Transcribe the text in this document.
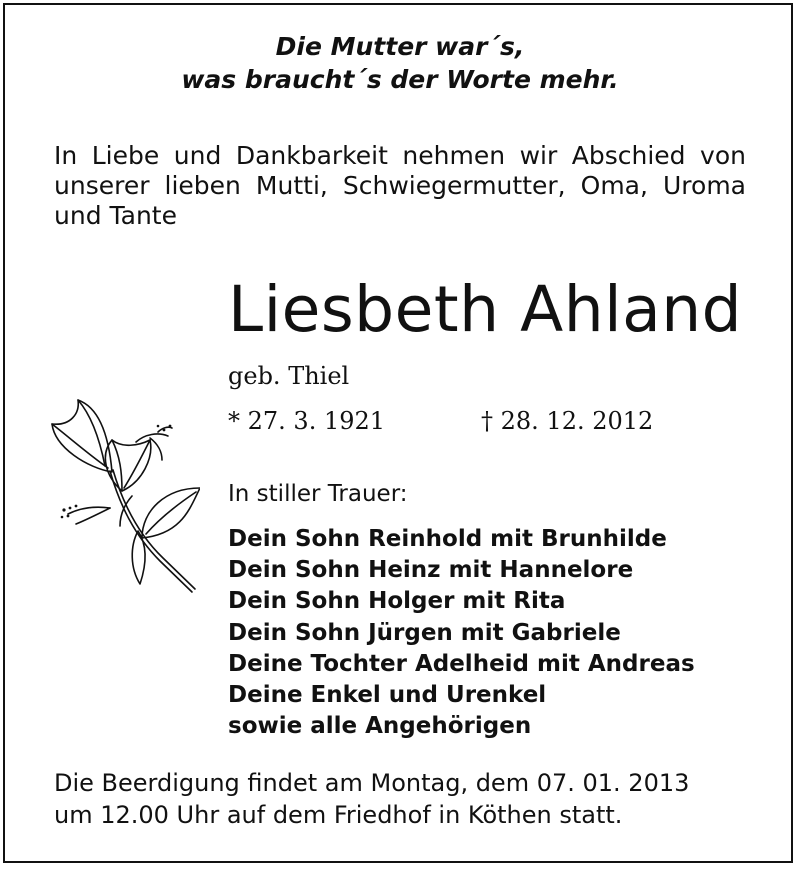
Die Mutter war´s,
was braucht´s der Worte mehr.
In Liebe und Dankbarkeit nehmen wir Abschied von unserer lieben Mutti, Schwiegermutter, Oma, Uroma und Tante
Liesbeth Ahland
geb. Thiel
* 27. 3. 1921	† 28. 12. 2012
In stiller Trauer:
Dein Sohn Reinhold mit Brunhilde
Dein Sohn Heinz mit Hannelore
Dein Sohn Holger mit Rita
Dein Sohn Jürgen mit Gabriele
Deine Tochter Adelheid mit Andreas
Deine Enkel und Urenkel
sowie alle Angehörigen
Die Beerdigung findet am Montag, dem 07. 01. 2013
um 12.00 Uhr auf dem Friedhof in Köthen statt.
